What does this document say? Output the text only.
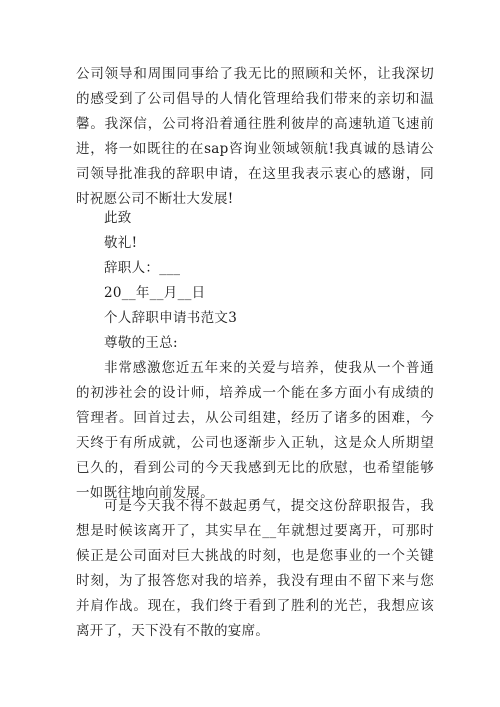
公司领导和周围同事给了我无比的照顾和关怀，让我深切的感受到了公司倡导的人情化管理给我们带来的亲切和温馨。我深信，公司将沿着通往胜利彼岸的高速轨道飞速前进，将一如既往的在sap咨询业领域领航!我真诚的恳请公司领导批准我的辞职申请，在这里我表示衷心的感谢，同时祝愿公司不断壮大发展!

此致

敬礼!

辞职人：___

20__年__月__日

个人辞职申请书范文3

尊敬的王总:

非常感激您近五年来的关爱与培养，使我从一个普通的初涉社会的设计师，培养成一个能在多方面小有成绩的管理者。回首过去，从公司组建，经历了诸多的困难，今天终于有所成就，公司也逐渐步入正轨，这是众人所期望已久的，看到公司的今天我感到无比的欣慰，也希望能够一如既往地向前发展。

可是今天我不得不鼓起勇气，提交这份辞职报告，我想是时候该离开了，其实早在__年就想过要离开，可那时候正是公司面对巨大挑战的时刻，也是您事业的一个关键时刻，为了报答您对我的培养，我没有理由不留下来与您并肩作战。现在，我们终于看到了胜利的光芒，我想应该离开了，天下没有不散的宴席。
